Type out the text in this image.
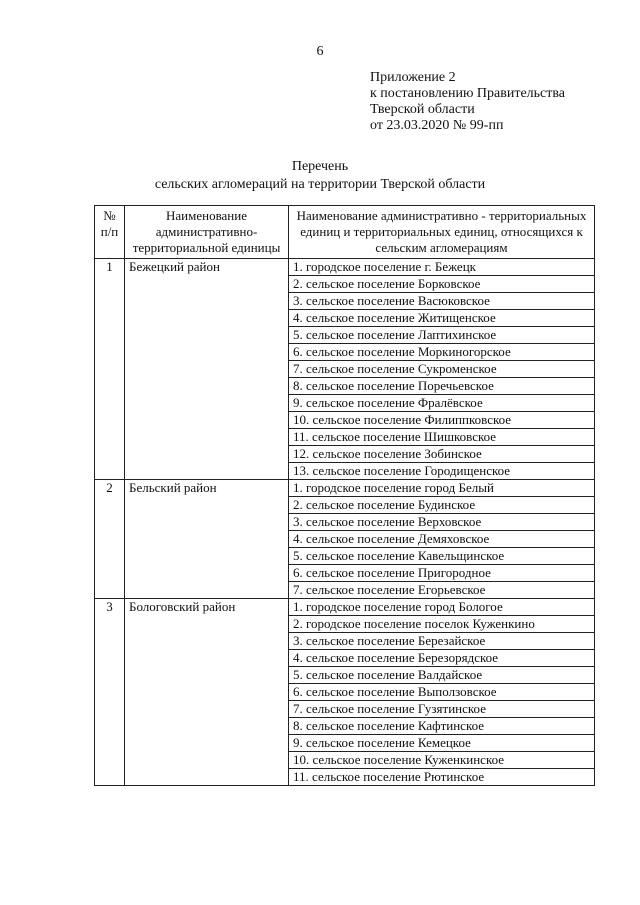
6
Приложение 2
к постановлению Правительства
Тверской области
от 23.03.2020 № 99-пп
Перечень
сельских агломераций на территории Тверской области
№ п/п	Наименование административно-территориальной единицы	Наименование административно - территориальных единиц и территориальных единиц, относящихся к сельским агломерациям
1	Бежецкий район	1. городское поселение г. Бежецк
		2. сельское поселение Борковское
		3. сельское поселение Васюковское
		4. сельское поселение Житищенское
		5. сельское поселение Лаптихинское
		6. сельское поселение Моркиногорское
		7. сельское поселение Сукроменское
		8. сельское поселение Поречьевское
		9. сельское поселение Фралёвское
		10. сельское поселение Филиппковское
		11. сельское поселение Шишковское
		12. сельское поселение Зобинское
		13. сельское поселение Городищенское
2	Бельский район	1. городское поселение город Белый
		2. сельское поселение Будинское
		3. сельское поселение Верховское
		4. сельское поселение Демяховское
		5. сельское поселение Кавельщинское
		6. сельское поселение Пригородное
		7. сельское поселение Егорьевское
3	Бологовский район	1. городское поселение город Бологое
		2. городское поселение поселок Куженкино
		3. сельское поселение Березайское
		4. сельское поселение Березорядское
		5. сельское поселение Валдайское
		6. сельское поселение Выползовское
		7. сельское поселение Гузятинское
		8. сельское поселение Кафтинское
		9. сельское поселение Кемецкое
		10. сельское поселение Куженкинское
		11. сельское поселение Рютинское
